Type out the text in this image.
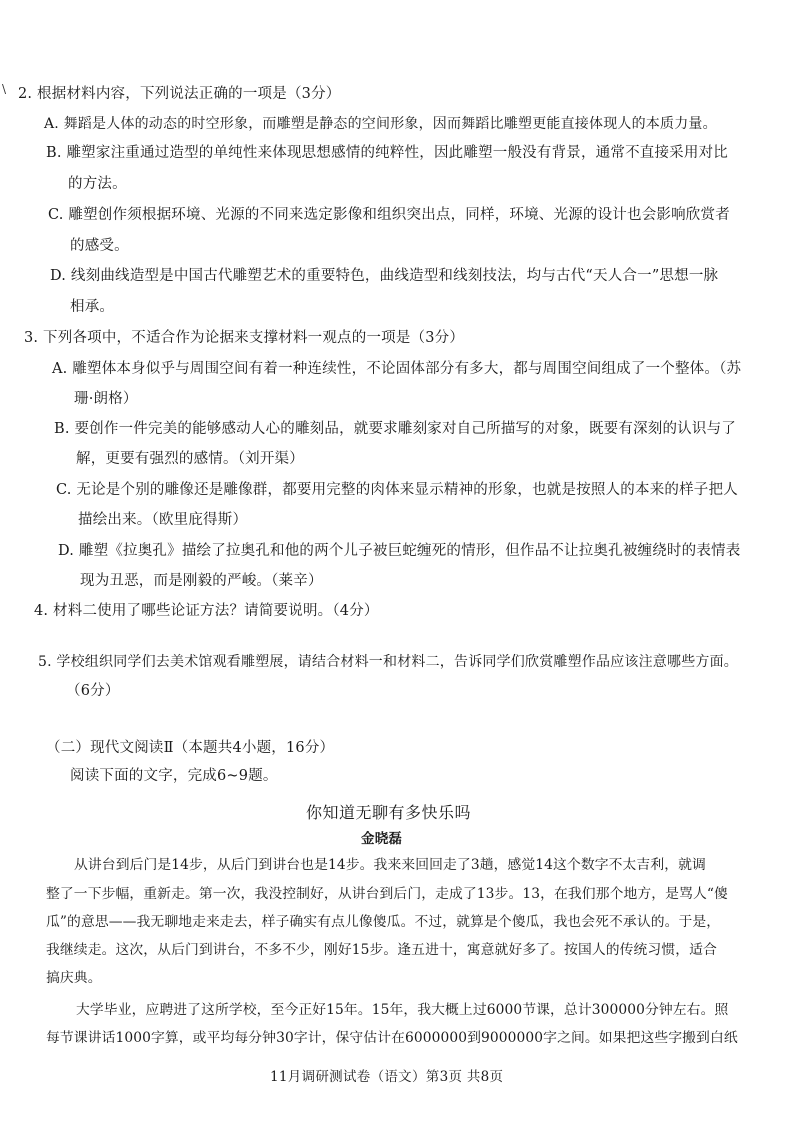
\ 2. 根据材料内容，下列说法正确的一项是（3分）
A. 舞蹈是人体的动态的时空形象，而雕塑是静态的空间形象，因而舞蹈比雕塑更能直接体现人的本质力量。
B. 雕塑家注重通过造型的单纯性来体现思想感情的纯粹性，因此雕塑一般没有背景，通常不直接采用对比
的方法。
C. 雕塑创作须根据环境、光源的不同来选定影像和组织突出点，同样，环境、光源的设计也会影响欣赏者
的感受。
D. 线刻曲线造型是中国古代雕塑艺术的重要特色，曲线造型和线刻技法，均与古代“天人合一”思想一脉
相承。
3. 下列各项中，不适合作为论据来支撑材料一观点的一项是（3分）
A. 雕塑体本身似乎与周围空间有着一种连续性，不论固体部分有多大，都与周围空间组成了一个整体。（苏
珊·朗格）
B. 要创作一件完美的能够感动人心的雕刻品，就要求雕刻家对自己所描写的对象，既要有深刻的认识与了
解，更要有强烈的感情。（刘开渠）
C. 无论是个别的雕像还是雕像群，都要用完整的肉体来显示精神的形象，也就是按照人的本来的样子把人
描绘出来。（欧里庇得斯）
D. 雕塑《拉奥孔》描绘了拉奥孔和他的两个儿子被巨蛇缠死的情形，但作品不让拉奥孔被缠绕时的表情表
现为丑恶，而是刚毅的严峻。（莱辛）
4. 材料二使用了哪些论证方法？请简要说明。（4分）
5. 学校组织同学们去美术馆观看雕塑展，请结合材料一和材料二，告诉同学们欣赏雕塑作品应该注意哪些方面。
（6分）
（二）现代文阅读Ⅱ（本题共4小题，16分）
阅读下面的文字，完成6~9题。
你知道无聊有多快乐吗
金晓磊
从讲台到后门是14步，从后门到讲台也是14步。我来来回回走了3趟，感觉14这个数字不太吉利，就调
整了一下步幅，重新走。第一次，我没控制好，从讲台到后门，走成了13步。13，在我们那个地方，是骂人“傻
瓜”的意思——我无聊地走来走去，样子确实有点儿像傻瓜。不过，就算是个傻瓜，我也会死不承认的。于是，
我继续走。这次，从后门到讲台，不多不少，刚好15步。逢五进十，寓意就好多了。按国人的传统习惯，适合
搞庆典。
大学毕业，应聘进了这所学校，至今正好15年。15年，我大概上过6000节课，总计300000分钟左右。照
每节课讲话1000字算，或平均每分钟30字计，保守估计在6000000到9000000字之间。如果把这些字搬到白纸
11月调研测试卷（语文）第3页 共8页
